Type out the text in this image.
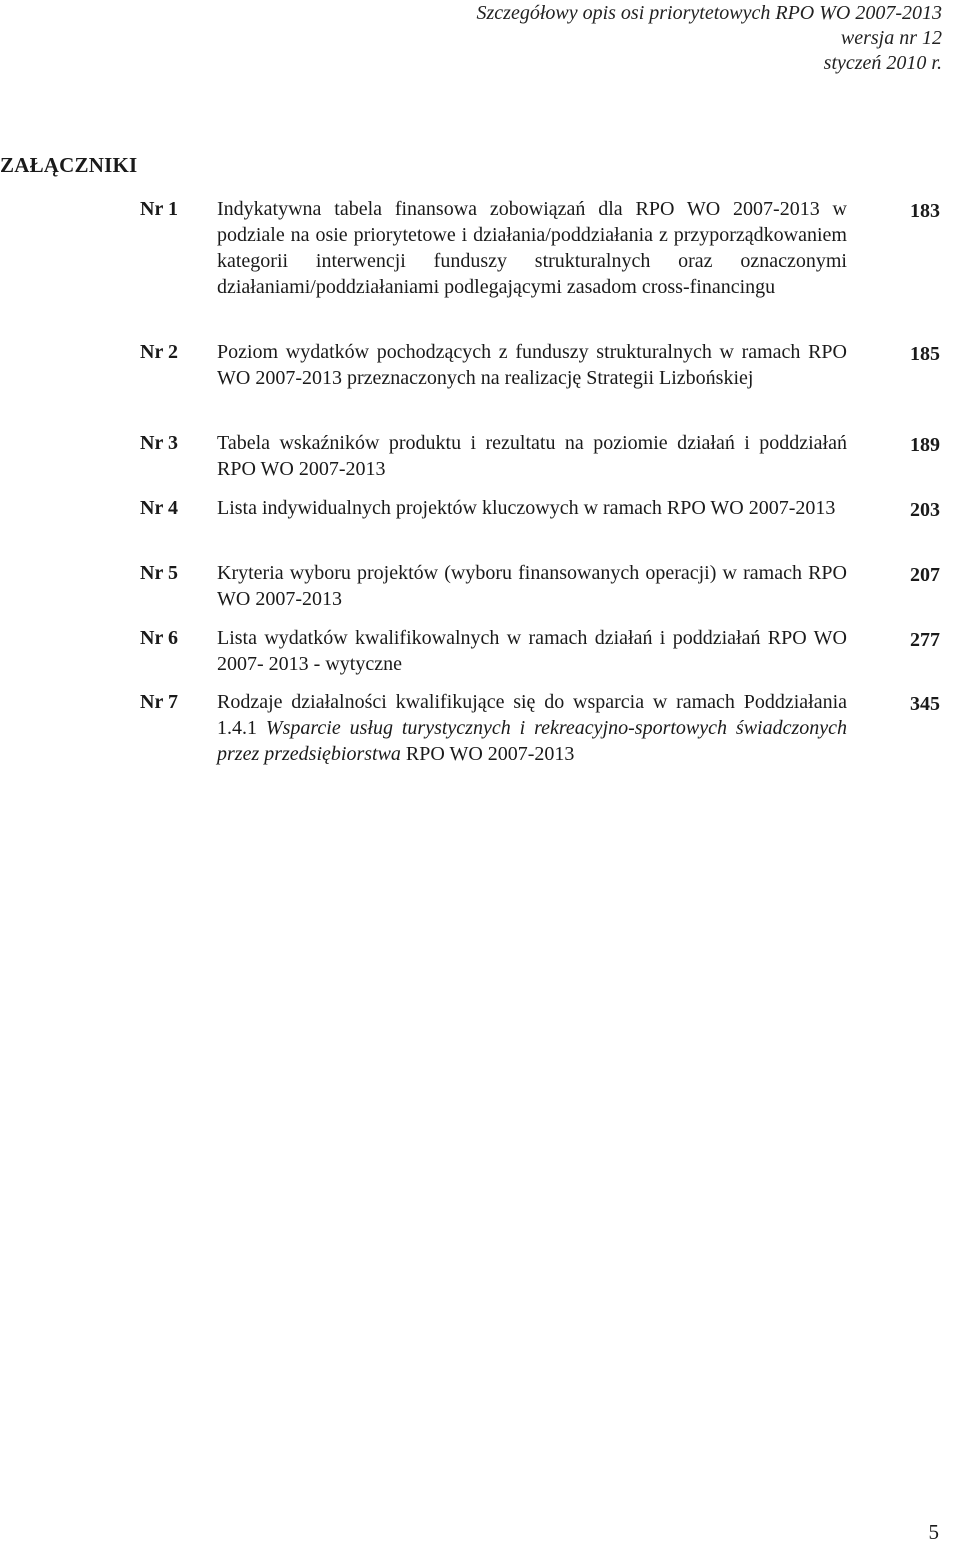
Szczegółowy opis osi priorytetowych RPO WO 2007-2013
wersja nr 12
styczeń 2010 r.
ZAŁĄCZNIKI
Nr 1 Indykatywna tabela finansowa zobowiązań dla RPO WO 2007-2013 w podziale na osie priorytetowe i działania/poddziałania z przyporządkowaniem kategorii interwencji funduszy strukturalnych oraz oznaczonymi działaniami/poddziałaniami podlegającymi zasadom cross-financingu
183
Nr 2 Poziom wydatków pochodzących z funduszy strukturalnych w ramach RPO WO 2007-2013 przeznaczonych na realizację Strategii Lizbońskiej
185
Nr 3 Tabela wskaźników produktu i rezultatu na poziomie działań i poddziałań RPO WO 2007-2013
189
Nr 4 Lista indywidualnych projektów kluczowych w ramach RPO WO 2007-2013	203
Nr 5 Kryteria wyboru projektów (wyboru finansowanych operacji) w ramach RPO WO 2007-2013
207
Nr 6 Lista wydatków kwalifikowalnych w ramach działań i poddziałań RPO WO 2007- 2013 - wytyczne
277
Nr 7 Rodzaje działalności kwalifikujące się do wsparcia w ramach Poddziałania 1.4.1 Wsparcie usług turystycznych i rekreacyjno-sportowych świadczonych przez przedsiębiorstwa RPO WO 2007-2013
345
5
